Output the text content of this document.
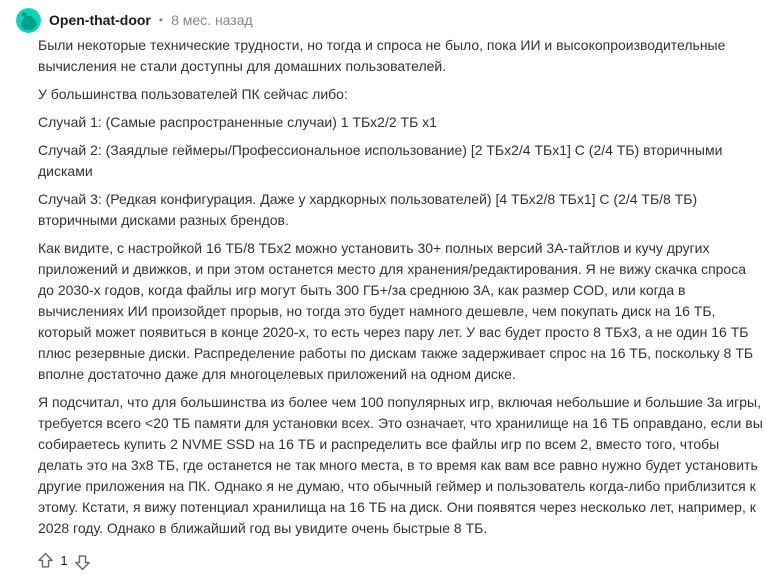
Open-that-door • 8 мес. назад

Были некоторые технические трудности, но тогда и спроса не было, пока ИИ и высокопроизводительные вычисления не стали доступны для домашних пользователей.

У большинства пользователей ПК сейчас либо:

Случай 1: (Самые распространенные случаи) 1 ТБх2/2 ТБ х1

Случай 2: (Заядлые геймеры/Профессиональное использование) [2 ТБх2/4 ТБх1] С (2/4 ТБ) вторичными дисками

Случай 3: (Редкая конфигурация. Даже у хардкорных пользователей) [4 ТБх2/8 ТБх1] С (2/4 ТБ/8 ТБ) вторичными дисками разных брендов.

Как видите, с настройкой 16 ТБ/8 ТБх2 можно установить 30+ полных версий 3А-тайтлов и кучу других приложений и движков, и при этом останется место для хранения/редактирования. Я не вижу скачка спроса до 2030-х годов, когда файлы игр могут быть 300 ГБ+/за среднюю 3А, как размер COD, или когда в вычислениях ИИ произойдет прорыв, но тогда это будет намного дешевле, чем покупать диск на 16 ТБ, который может появиться в конце 2020-х, то есть через пару лет. У вас будет просто 8 ТБх3, а не один 16 ТБ плюс резервные диски. Распределение работы по дискам также задерживает спрос на 16 ТБ, поскольку 8 ТБ вполне достаточно даже для многоцелевых приложений на одном диске.

Я подсчитал, что для большинства из более чем 100 популярных игр, включая небольшие и большие 3а игры, требуется всего <20 ТБ памяти для установки всех. Это означает, что хранилище на 16 ТБ оправдано, если вы собираетесь купить 2 NVME SSD на 16 ТБ и распределить все файлы игр по всем 2, вместо того, чтобы делать это на 3х8 ТБ, где останется не так много места, в то время как вам все равно нужно будет установить другие приложения на ПК. Однако я не думаю, что обычный геймер и пользователь когда-либо приблизится к этому. Кстати, я вижу потенциал хранилища на 16 ТБ на диск. Они появятся через несколько лет, например, к 2028 году. Однако в ближайший год вы увидите очень быстрые 8 ТБ.

1
